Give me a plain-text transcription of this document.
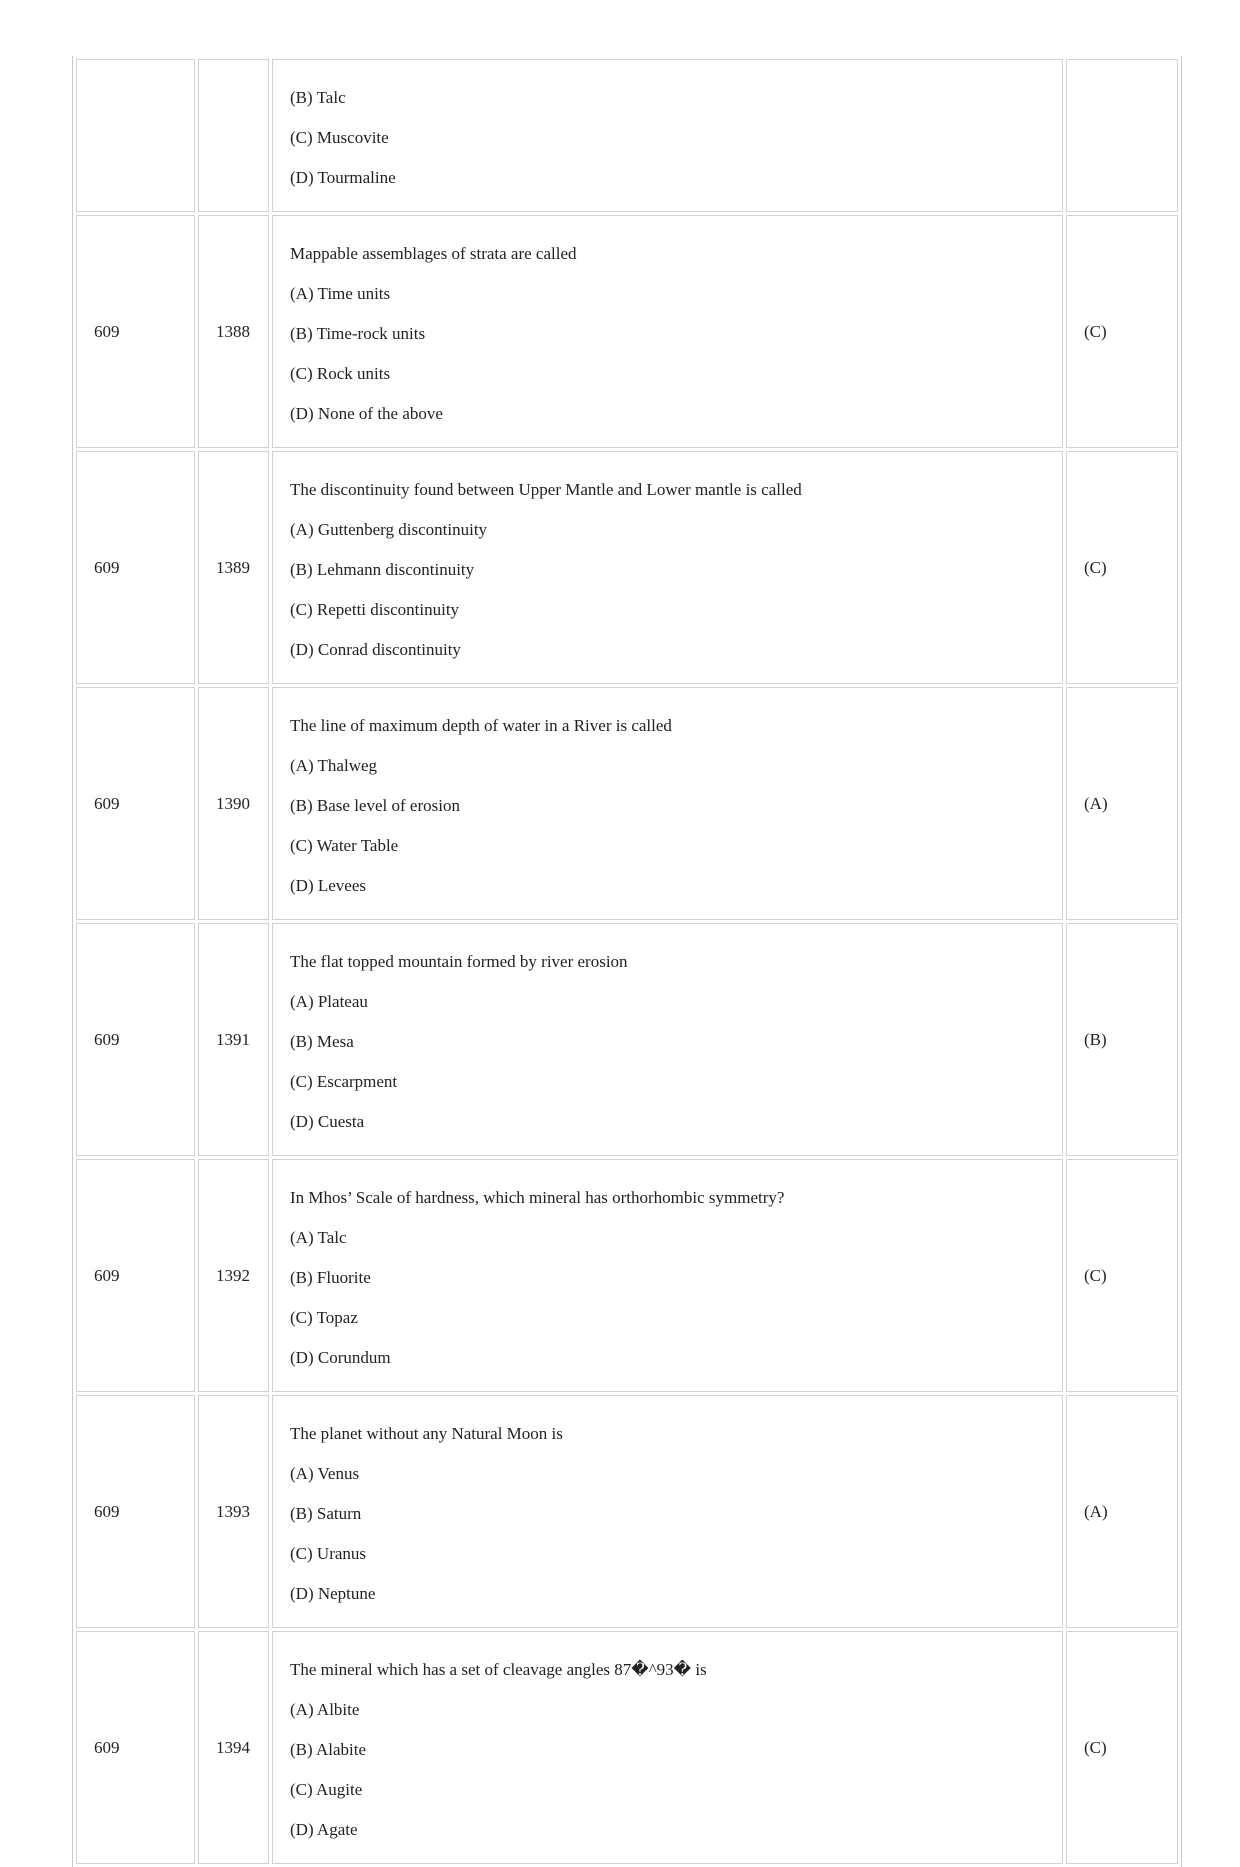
		(B) Talc
(C) Muscovite
(D) Tourmaline	

609	1388	Mappable assemblages of strata are called
(A) Time units
(B) Time-rock units
(C) Rock units
(D) None of the above	(C)
609	1389	The discontinuity found between Upper Mantle and Lower mantle is called
(A) Guttenberg discontinuity
(B) Lehmann discontinuity
(C) Repetti discontinuity
(D) Conrad discontinuity	(C)
609	1390	The line of maximum depth of water in a River is called
(A) Thalweg
(B) Base level of erosion
(C) Water Table
(D) Levees	(A)
609	1391	The flat topped mountain formed by river erosion
(A) Plateau
(B) Mesa
(C) Escarpment
(D) Cuesta	(B)
609	1392	In Mhos’ Scale of hardness, which mineral has orthorhombic symmetry?
(A) Talc
(B) Fluorite
(C) Topaz
(D) Corundum	(C)
609	1393	The planet without any Natural Moon is
(A) Venus
(B) Saturn
(C) Uranus
(D) Neptune	(A)
609	1394	The mineral which has a set of cleavage angles 87�^93� is
(A) Albite
(B) Alabite
(C) Augite
(D) Agate	(C)
